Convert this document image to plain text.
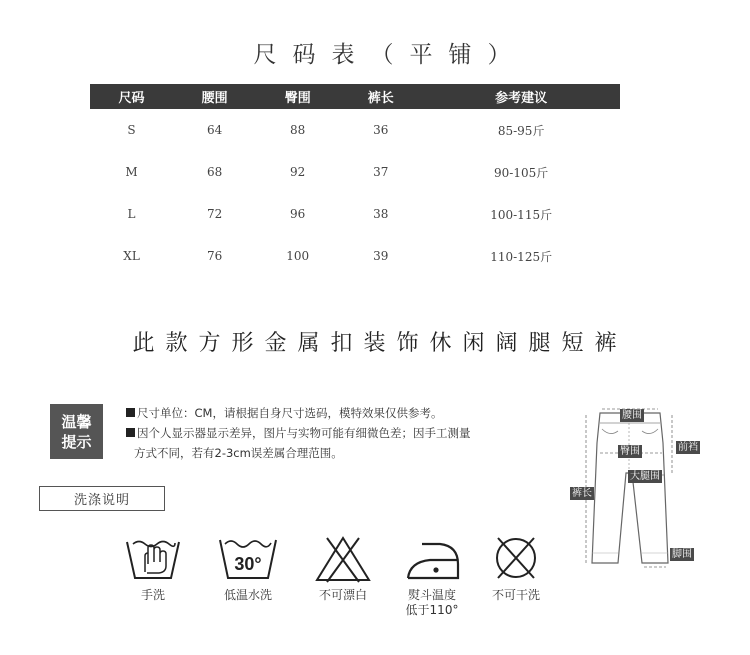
尺码表（平铺）
尺码	腰围	臀围	裤长	参考建议
S	64	88	36	85-95斤
M	68	92	37	90-105斤
L	72	96	38	100-115斤
XL	76	100	39	110-125斤
此款方形金属扣装饰休闲阔腿短裤
温馨
提示
尺寸单位：CM，请根据自身尺寸选码，模特效果仅供参考。
因个人显示器显示差异，图片与实物可能有细微色差；因手工测量
方式不同，若有2-3cm误差属合理范围。
洗涤说明
手洗
30°
低温水洗	不可漂白	熨斗温度
低于110°
不可干洗
腰围
臀围	前裆
大腿围
裤长
脚围
